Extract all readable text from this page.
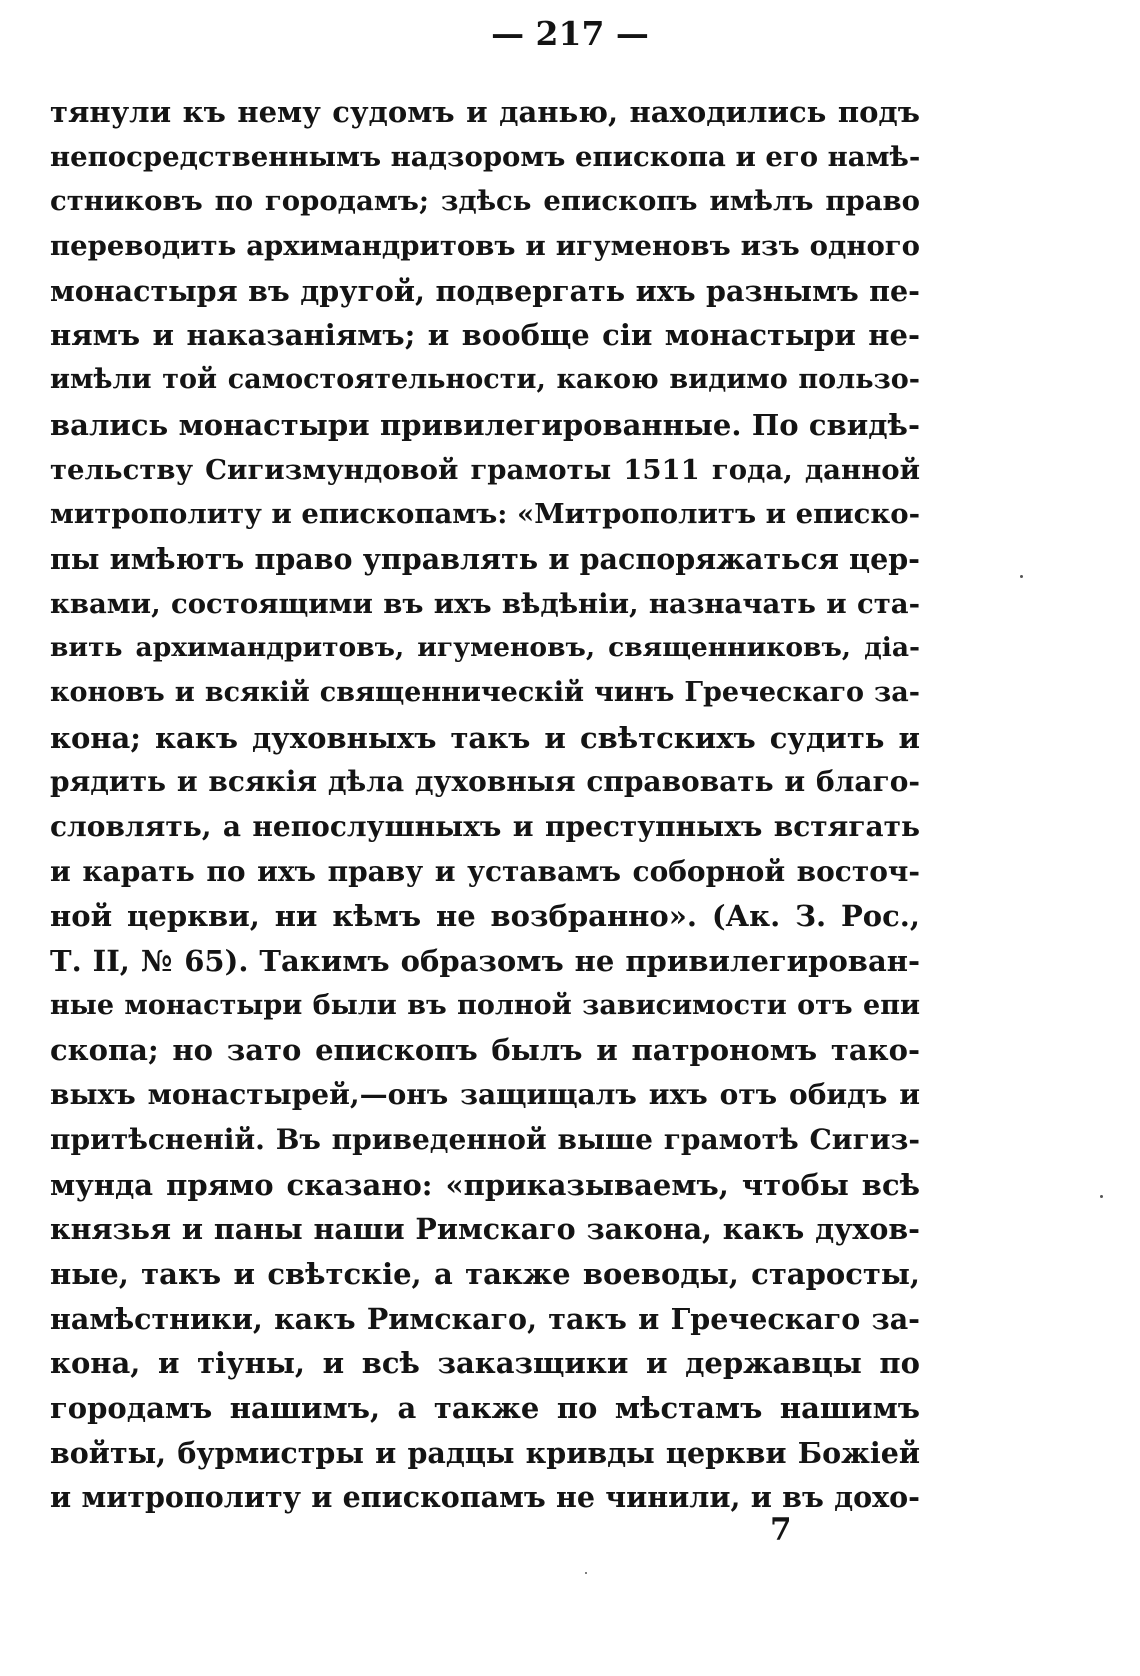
— 217 —
тянули къ нему судомъ и данью, находились подъ
непосредственнымъ надзоромъ епископа и его намѣ-
стниковъ по городамъ; здѣсь епископъ имѣлъ право
переводить архимандритовъ и игуменовъ изъ одного
монастыря въ другой, подвергать ихъ разнымъ пе-
нямъ и наказаніямъ; и вообще сіи монастыри не-
имѣли той самостоятельности, какою видимо пользо-
вались монастыри привилегированные. По свидѣ-
тельству Сигизмундовой грамоты 1511 года, данной
митрополиту и епископамъ: «Митрополитъ и еписко-
пы имѣютъ право управлять и распоряжаться цер-
квами, состоящими въ ихъ вѣдѣніи, назначать и ста-
вить архимандритовъ, игуменовъ, священниковъ, діа-
коновъ и всякій священническій чинъ Греческаго за-
кона; какъ духовныхъ такъ и свѣтскихъ судить и
рядить и всякія дѣла духовныя справовать и благо-
словлять, а непослушныхъ и преступныхъ встягать
и карать по ихъ праву и уставамъ соборной восточ-
ной церкви, ни кѣмъ не возбранно». (Ак. З. Рос.,
Т. II, № 65). Такимъ образомъ не привилегирован-
ные монастыри были въ полной зависимости отъ епи
скопа; но зато епископъ былъ и патрономъ тако-
выхъ монастырей,—онъ защищалъ ихъ отъ обидъ и
притѣсненій. Въ приведенной выше грамотѣ Сигиз-
мунда прямо сказано: «приказываемъ, чтобы всѣ
князья и паны наши Римскаго закона, какъ духов-
ные, такъ и свѣтскіе, а также воеводы, старосты,
намѣстники, какъ Римскаго, такъ и Греческаго за-
кона, и тіуны, и всѣ заказщики и державцы по
городамъ нашимъ, а также по мѣстамъ нашимъ
войты, бурмистры и радцы кривды церкви Божіей
и митрополиту и епископамъ не чинили, и въ дохо-
7
